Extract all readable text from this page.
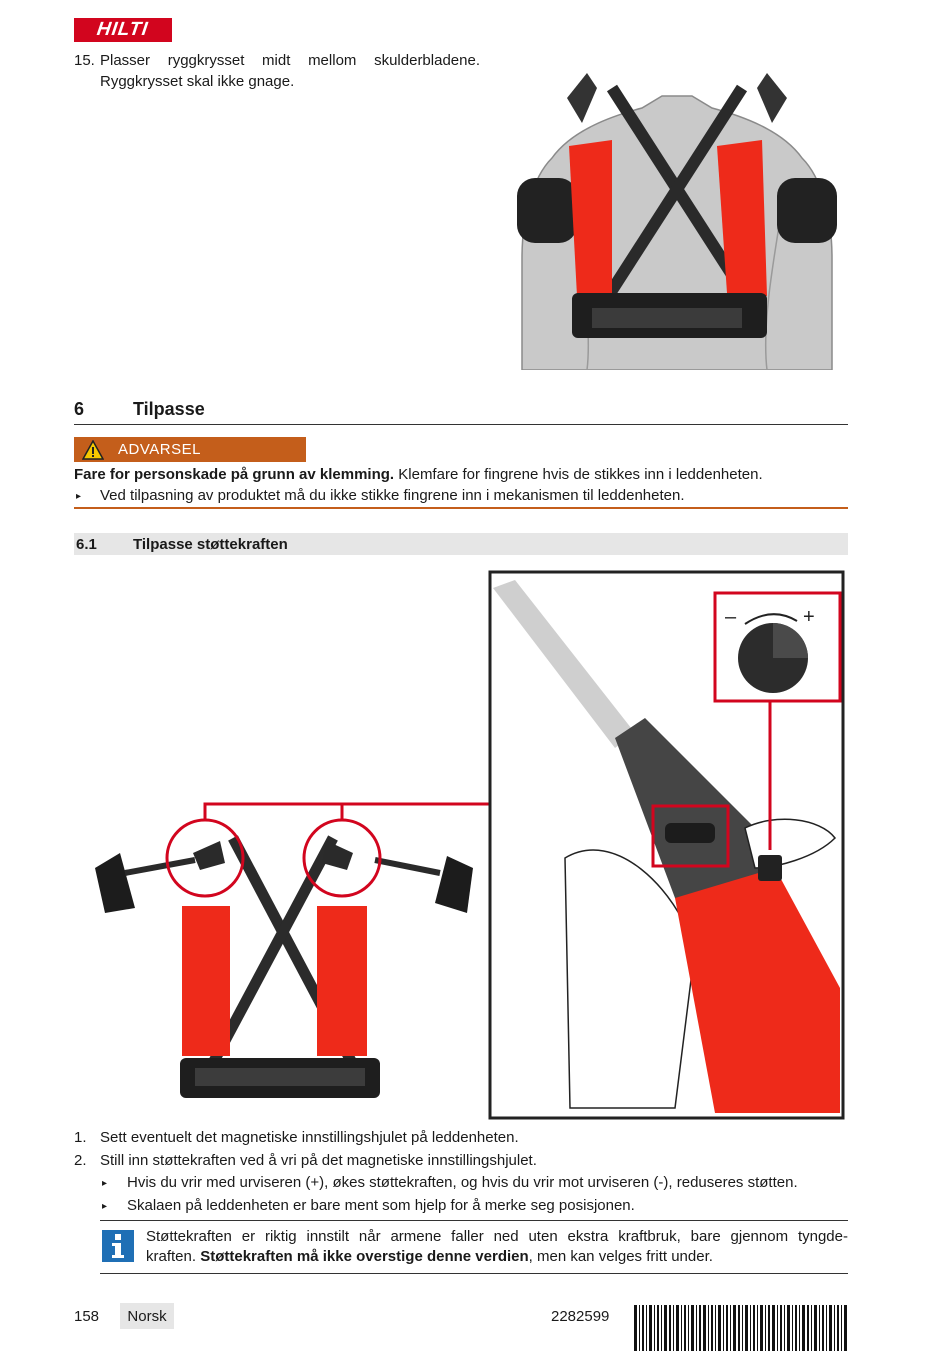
HILTI
15. Plasser ryggkrysset midt mellom skulderbladene.
Ryggkrysset skal ikke gnage.
6	Tilpasse
ADVARSEL
Fare for personskade på grunn av klemming. Klemfare for fingrene hvis de stikkes inn i leddenheten.
▸ Ved tilpasning av produktet må du ikke stikke fingrene inn i mekanismen til leddenheten.
6.1	Tilpasse støttekraften
–	+
1. Sett eventuelt det magnetiske innstillingshjulet på leddenheten.
2. Still inn støttekraften ved å vri på det magnetiske innstillingshjulet.
▸ Hvis du vrir med urviseren (+), økes støttekraften, og hvis du vrir mot urviseren (-), reduseres støtten.
▸ Skalaen på leddenheten er bare ment som hjelp for å merke seg posisjonen.
Støttekraften er riktig innstilt når armene faller ned uten ekstra kraftbruk, bare gjennom tyngde-
kraften. Støttekraften må ikke overstige denne verdien, men kan velges fritt under.
158 Norsk	2282599
